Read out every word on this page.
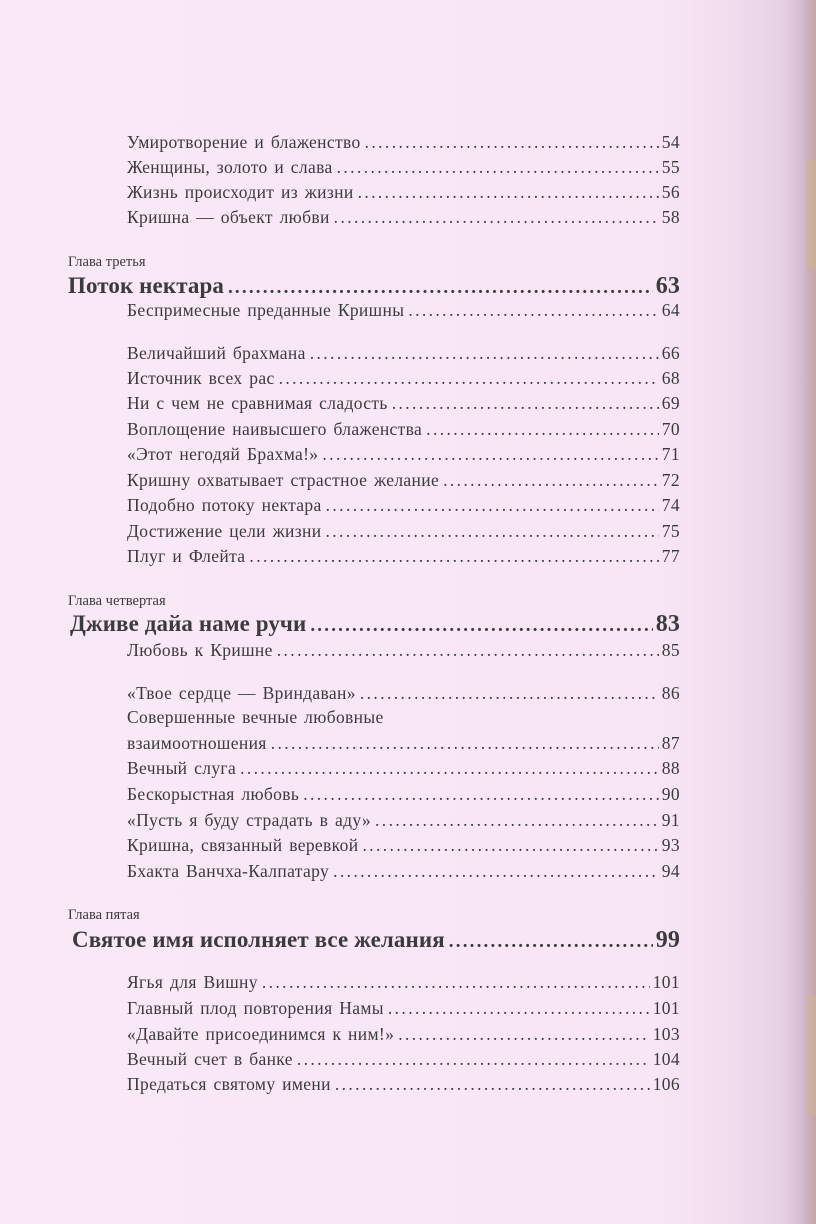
Умиротворение и блаженство .....	54
Женщины, золото и слава .....	55
Жизнь происходит из жизни .....	56
Кришна — объект любви .....	58
Глава третья
Поток нектара .....	63
Беспримесные преданные Кришны .....	64
Величайший брахмана .....	66
Источник всех рас .....	68
Ни с чем не сравнимая сладость .....	69
Воплощение наивысшего блаженства .....	70
«Этот негодяй Брахма!» .....	71
Кришну охватывает страстное желание .....	72
Подобно потоку нектара .....	74
Достижение цели жизни .....	75
Плуг и Флейта .....	77
Глава четвертая
Дживе дайа наме ручи .....	83
Любовь к Кришне .....	85
«Твое сердце — Вриндаван» .....	86
Совершенные вечные любовные
взаимоотношения .....	87
Вечный слуга .....	88
Бескорыстная любовь .....	90
«Пусть я буду страдать в аду» .....	91
Кришна, связанный веревкой .....	93
Бхакта Ванчха-Калпатару .....	94
Глава пятая
Святое имя исполняет все желания .....	99
Ягья для Вишну .....	101
Главный плод повторения Намы .....	101
«Давайте присоединимся к ним!» .....	103
Вечный счет в банке .....	104
Предаться святому имени .....	106
